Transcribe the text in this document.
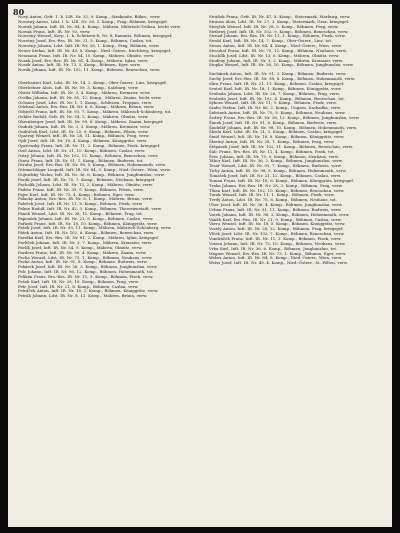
80

Nový Anton, Gefr. 1. k. LIR. Nr. 32, 9. Komp., Strakonitz, Böhm., verw.

Novotný Anton, Ldst. I. k. LIR. Nr. 28, 3. Komp., Prag, Böhmen, kriegsgef.

Nowak Johann, Inft. IR. Nr. 84, 4. Komp., Mähren, Mährisch-Trübau, leicht verw.

Nowak Franz, Inft. IR. Nr. 93, verw.

Nowotný Wenzel, Korp. 1. k. Schützen-R. Nr. 8, Kamnitz, Böhmen, kriegsgef.

Novotný Josef, Ers.-Res. IR. Nr. 21, 5. Komp., Böhmen, Caslau, tot.

Nowotný Johann, Ldst. Inft. IR. Nr. 28, 1. Komp., Prag, Böhmen, verw.

Neuer Stefan, Inft. IR. Nr. 49, 8. Komp., Nied.-Österr., Kirchberg, kriegsgef.

Neumann Franz, Inft. IR. Nr. 54, 10. Komp., Mähren, Olmütz, verw.

Nosek Josef, Ers.-Res. IR. Nr. 81, 4. Komp., Mähren, Iglau, verw.

Nosek Anton, Inft. IR. Nr. 73, 5. Komp., Böhmen, Eger, verw.

Novák Johann, Inft. IR. Nr. 102, 11. Komp., Böhmen, Beneschau, verw.

Oberhauser Karl, Ldst. IR. Nr. 14, 2. Komp., Ober-Österr., Linz, kriegsgef.

Oberleitner Alois, Inft. IR. Nr. 59, 3. Komp., Salzburg, verw.

Obrist Wilhelm, Inft. IR. Nr. 3, 4. Komp., Mähren, Kremsier, verw.

Ocelka Johann, Inft. IR. Nr. 81, 12. Komp., Mähren, Znaim, leicht verw.

Ochsner Josef, Ldst. IR. Nr. 1, 1. Komp., Schlesien, Troppau, verw.

Odehnal Anton, Ers.-Res. IR. Nr. 8, 6. Komp., Mähren, Brünn, verw.

Odstrčil Franz, Inft. IR. Nr. 93, 7. Komp., Mähren, Mährisch-Schönberg, tot.

Oehler Rudolf, Gefr. IR. Nr. 54, 2. Komp., Mähren, Olmütz, verw.

Ohrenberger Josef, Inft. IR. Nr. 99, 8. Komp., Mähren, Znaim, kriegsgef.

Ondrák Johann, Inft. IR. Nr. 3, 3. Komp., Mähren, Kremsier, verw.

Ondráček Karl, Ldst. IR. Nr. 25, 9. Komp., Böhmen, Pilsen, verw.

Opatrný Wenzel, Inft. IR. Nr. 28, 11. Komp., Böhmen, Prag, verw.

Oplt Josef, Inft. IR. Nr. 18, 4. Komp., Böhmen, Königgrätz, verw.

Opočenský Franz, Inft. IR. Nr. 11, 2. Komp., Böhmen, Pisek, kriegsgef.

Orel Anton, Ldst. IR. Nr. 21, 10. Komp., Böhmen, Caslau, verw.

Ostrý Johann, Inft. IR. Nr. 102, 12. Komp., Böhmen, Beneschau, verw.

Otava Franz, Inft. IR. Nr. 91, 1. Komp., Böhmen, Budweis, tot.

Otruba Josef, Ers.-Res. IR. Nr. 98, 5. Komp., Böhmen, Hohenmauth, verw.

Ottenschläger Leopold, Inft. IR. Nr. 84, 3. Komp., Nied.-Österr., Wien, verw.

Oujezdský Václav, Inft. IR. Nr. 36, 6. Komp., Böhmen, Jungbunzlau, verw.

Pacák Josef, Inft. IR. Nr. 75, 7. Komp., Böhmen, Neuhaus, kriegsgef.

Pacholík Johann, Ldst. IR. Nr. 13, 2. Komp., Mähren, Olmütz, verw.

Padrta Franz, Inft. IR. Nr. 35, 9. Komp., Böhmen, Pilsen, verw.

Pajer Karl, Inft. IR. Nr. 73, 4. Komp., Böhmen, Eger, verw.

Palacký Anton, Ers.-Res. IR. Nr. 8, 1. Komp., Mähren, Brünn, verw.

Paleček Josef, Inft. IR. Nr. 11, 8. Komp., Böhmen, Pisek, verw.

Palme Rudolf, Inft. IR. Nr. 42, 3. Komp., Böhmen, Theresienstadt, verw.

Pánek Wenzel, Ldst. IR. Nr. 28, 12. Komp., Böhmen, Prag, tot.

Papoušek Johann, Inft. IR. Nr. 21, 5. Komp., Böhmen, Caslau, verw.

Pařízek Franz, Inft. IR. Nr. 18, 10. Komp., Böhmen, Königgrätz, verw.

Pašek Josef, Inft. IR. Nr. 93, 11. Komp., Mähren, Mährisch-Schönberg, verw.

Pátek Anton, Inft. IR. Nr. 102, 6. Komp., Böhmen, Beneschau, verw.

Pavelka Karl, Ers.-Res. IR. Nr. 81, 2. Komp., Mähren, Iglau, kriegsgef.

Pavlíček Johann, Inft. IR. Nr. 3, 7. Komp., Mähren, Kremsier, verw.

Pavlík Josef, Inft. IR. Nr. 54, 9. Komp., Mähren, Olmütz, verw.

Pazdera Franz, Inft. IR. Nr. 99, 4. Komp., Mähren, Znaim, verw.

Pecha Wenzel, Ldst. IR. Nr. 75, 1. Komp., Böhmen, Neuhaus, verw.

Pecka Anton, Inft. IR. Nr. 91, 8. Komp., Böhmen, Budweis, verw.

Pekárek Josef, Inft. IR. Nr. 36, 3. Komp., Böhmen, Jungbunzlau, verw.

Pelc Johann, Inft. IR. Nr. 98, 12. Komp., Böhmen, Hohenmauth, tot.

Pelikán Franz, Ers.-Res. IR. Nr. 11, 5. Komp., Böhmen, Pisek, verw.

Pešek Karl, Inft. IR. Nr. 28, 10. Komp., Böhmen, Prag, verw.

Petr Josef, Inft. IR. Nr. 21, 6. Komp., Böhmen, Caslau, verw.

Petráček Anton, Inft. IR. Nr. 18, 2. Komp., Böhmen, Königgrätz, verw.

Petrák Johann, Ldst. IR. Nr. 8, 11. Komp., Mähren, Brünn, verw.

Straßek Franz, Gefr. IR. Nr. 47, 8. Komp., Steiermark, Marburg, verw.

Strauss Alois, Ldst. IR. Nr. 27, 3. Komp., Steiermark, Graz, kriegsgef.

Strejček Wenzel, Inft. IR. Nr. 28, 5. Komp., Böhmen, Prag, verw.

Stribrný Josef, Inft. IR. Nr. 102, 9. Komp., Böhmen, Beneschau, verw.

Strnad Johann, Ers.-Res. IR. Nr. 11, 1. Komp., Böhmen, Pisek, verw.

Strobl Karl, Inft. IR. Nr. 14, 7. Komp., Ober-Österr., Linz, tot.

Stross Anton, Inft. IR. Nr. 84, 4. Komp., Nied.-Österr., Wien, verw.

Strouhal Franz, Inft. IR. Nr. 75, 12. Komp., Böhmen, Neuhaus, verw.

Stuchlík Josef, Ldst. IR. Nr. 13, 6. Komp., Mähren, Olmütz, verw.

Studený Johann, Inft. IR. Nr. 3, 2. Komp., Mähren, Kremsier, verw.

Stupka Wenzel, Inft. IR. Nr. 36, 10. Komp., Böhmen, Jungbunzlau, verw.

Suchánek Anton, Inft. IR. Nr. 91, 3. Komp., Böhmen, Budweis, verw.

Suchý Josef, Ers.-Res. IR. Nr. 98, 8. Komp., Böhmen, Hohenmauth, verw.

Sůra Franz, Inft. IR. Nr. 21, 11. Komp., Böhmen, Caslau, kriegsgef.

Svatoš Karl, Inft. IR. Nr. 18, 1. Komp., Böhmen, Königgrätz, verw.

Svoboda Johann, Ldst. IR. Nr. 28, 7. Komp., Böhmen, Prag, verw.

Svoboda Josef, Inft. IR. Nr. 102, 4. Komp., Böhmen, Beneschau, tot.

Sýkora Wenzel, Inft. IR. Nr. 11, 9. Komp., Böhmen, Pisek, verw.

Szabo Stefan, Inft. IR. Nr. 86, 2. Komp., Ungarn, Szabadka, verw.

Šafránek Anton, Inft. IR. Nr. 75, 5. Komp., Böhmen, Neuhaus, verw.

Šedivý Franz, Ers.-Res. IR. Nr. 36, 12. Komp., Böhmen, Jungbunzlau, verw.

Šimek Josef, Inft. IR. Nr. 91, 6. Komp., Böhmen, Budweis, verw.

Šindelář Johann, Inft. IR. Nr. 98, 10. Komp., Böhmen, Hohenmauth, verw.

Škoda Karl, Ldst. IR. Nr. 21, 3. Komp., Böhmen, Caslau, kriegsgef.

Šmíd Wenzel, Inft. IR. Nr. 18, 8. Komp., Böhmen, Königgrätz, verw.

Šťastný Anton, Inft. IR. Nr. 28, 1. Komp., Böhmen, Prag, verw.

Štěpánek Josef, Inft. IR. Nr. 102, 11. Komp., Böhmen, Beneschau, verw.

Šulc Franz, Ers.-Res. IR. Nr. 11, 4. Komp., Böhmen, Pisek, tot.

Švec Johann, Inft. IR. Nr. 75, 9. Komp., Böhmen, Neuhaus, verw.

Tábor Karl, Inft. IR. Nr. 36, 2. Komp., Böhmen, Jungbunzlau, verw.

Tesař Wenzel, Ldst. IR. Nr. 91, 7. Komp., Böhmen, Budweis, verw.

Tichý Anton, Inft. IR. Nr. 98, 5. Komp., Böhmen, Hohenmauth, verw.

Tomášek Josef, Inft. IR. Nr. 21, 12. Komp., Böhmen, Caslau, verw.

Toman Franz, Inft. IR. Nr. 18, 6. Komp., Böhmen, Königgrätz, kriegsgef.

Trnka Johann, Ers.-Res. IR. Nr. 28, 3. Komp., Böhmen, Prag, verw.

Tůma Karl, Inft. IR. Nr. 102, 10. Komp., Böhmen, Beneschau, verw.

Turek Wenzel, Inft. IR. Nr. 11, 1. Komp., Böhmen, Pisek, verw.

Tvrdý Anton, Ldst. IR. Nr. 75, 8. Komp., Böhmen, Neuhaus, tot.

Uher Josef, Inft. IR. Nr. 36, 4. Komp., Böhmen, Jungbunzlau, verw.

Urban Franz, Inft. IR. Nr. 91, 11. Komp., Böhmen, Budweis, verw.

Vacek Johann, Inft. IR. Nr. 98, 2. Komp., Böhmen, Hohenmauth, verw.

Vaněk Karl, Ers.-Res. IR. Nr. 21, 9. Komp., Böhmen, Caslau, verw.

Vávra Wenzel, Inft. IR. Nr. 18, 5. Komp., Böhmen, Königgrätz, verw.

Veselý Anton, Inft. IR. Nr. 28, 12. Komp., Böhmen, Prag, kriegsgef.

Vlček Josef, Ldst. IR. Nr. 102, 7. Komp., Böhmen, Beneschau, verw.

Vondráček Franz, Inft. IR. Nr. 11, 3. Komp., Böhmen, Pisek, verw.

Votava Johann, Inft. IR. Nr. 75, 10. Komp., Böhmen, Neuhaus, verw.

Vrba Karl, Inft. IR. Nr. 36, 6. Komp., Böhmen, Jungbunzlau, tot.

Wagner Wenzel, Ers.-Res. IR. Nr. 73, 1. Komp., Böhmen, Eger, verw.

Weber Anton, Inft. IR. Nr. 84, 8. Komp., Nied.-Österr., Wien, verw.

Weiss Josef, Inft. IR. Nr. 49, 4. Komp., Nied.-Österr., St. Pölten, verw.
